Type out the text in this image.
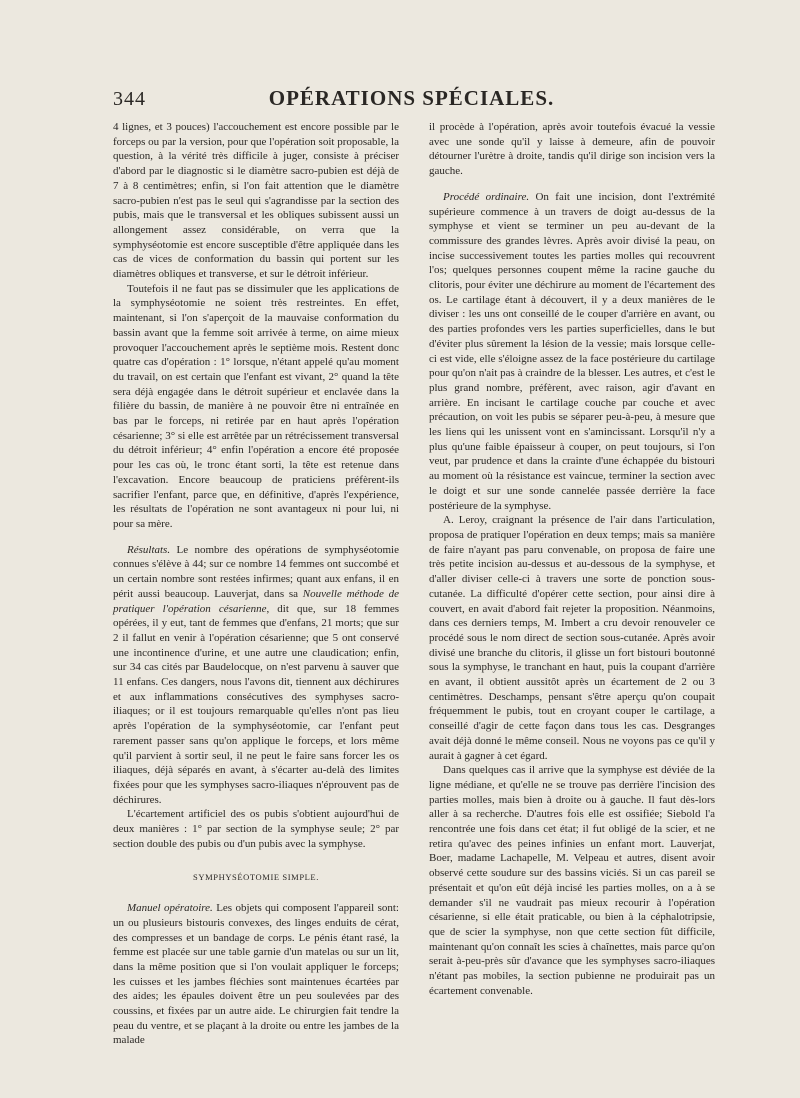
344	OPÉRATIONS SPÉCIALES.

4 lignes, et 3 pouces) l'accouchement est encore possible par le forceps ou par la version, pour que l'opération soit proposable, la question, à la vérité très difficile à juger, consiste à préciser d'abord par le diagnostic si le diamètre sacro-pubien est déjà de 7 à 8 centimètres; enfin, si l'on fait attention que le diamètre sacro-pubien n'est pas le seul qui s'agrandisse par la section des pubis, mais que le transversal et les obliques subissent aussi un allongement assez considérable, on verra que la symphyséotomie est encore susceptible d'être appliquée dans les cas de vices de conformation du bassin qui portent sur les diamètres obliques et transverse, et sur le détroit inférieur.

Toutefois il ne faut pas se dissimuler que les applications de la symphyséotomie ne soient très restreintes. En effet, maintenant, si l'on s'aperçoit de la mauvaise conformation du bassin avant que la femme soit arrivée à terme, on aime mieux provoquer l'accouchement après le septième mois. Restent donc quatre cas d'opération : 1° lorsque, n'étant appelé qu'au moment du travail, on est certain que l'enfant est vivant, 2° quand la tête sera déjà engagée dans le détroit supérieur et enclavée dans la filière du bassin, de manière à ne pouvoir être ni entraînée en bas par le forceps, ni retirée par en haut après l'opération césarienne; 3° si elle est arrêtée par un rétrécissement transversal du détroit inférieur; 4° enfin l'opération a encore été proposée pour les cas où, le tronc étant sorti, la tête est retenue dans l'excavation. Encore beaucoup de praticiens préfèrent-ils sacrifier l'enfant, parce que, en définitive, d'après l'expérience, les résultats de l'opération ne sont avantageux ni pour lui, ni pour sa mère.

Résultats. Le nombre des opérations de symphyséotomie connues s'élève à 44; sur ce nombre 14 femmes ont succombé et un certain nombre sont restées infirmes; quant aux enfans, il en périt aussi beaucoup. Lauverjat, dans sa Nouvelle méthode de pratiquer l'opération césarienne, dit que, sur 18 femmes opérées, il y eut, tant de femmes que d'enfans, 21 morts; que sur 2 il fallut en venir à l'opération césarienne; que 5 ont conservé une incontinence d'urine, et une autre une claudication; enfin, sur 34 cas cités par Baudelocque, on n'est parvenu à sauver que 11 enfans. Ces dangers, nous l'avons dit, tiennent aux déchirures et aux inflammations consécutives des symphyses sacro-iliaques; or il est toujours remarquable qu'elles n'ont pas lieu après l'opération de la symphyséotomie, car l'enfant peut rarement passer sans qu'on applique le forceps, et lors même qu'il parvient à sortir seul, il ne peut le faire sans forcer les os iliaques, déjà séparés en avant, à s'écarter au-delà des limites fixées pour que les symphyses sacro-iliaques n'éprouvent pas de déchirures.

L'écartement artificiel des os pubis s'obtient aujourd'hui de deux manières : 1° par section de la symphyse seule; 2° par section double des pubis ou d'un pubis avec la symphyse.

SYMPHYSÉOTOMIE SIMPLE.

Manuel opératoire. Les objets qui composent l'appareil sont: un ou plusieurs bistouris convexes, des linges enduits de cérat, des compresses et un bandage de corps. Le pénis étant rasé, la femme est placée sur une table garnie d'un matelas ou sur un lit, dans la même position que si l'on voulait appliquer le forceps; les cuisses et les jambes fléchies sont maintenues écartées par des aides; les épaules doivent être un peu soulevées par des coussins, et fixées par un autre aide. Le chirurgien fait tendre la peau du ventre, et se plaçant à la droite ou entre les jambes de la malade

il procède à l'opération, après avoir toutefois évacué la vessie avec une sonde qu'il y laisse à demeure, afin de pouvoir détourner l'urètre à droite, tandis qu'il dirige son incision vers la gauche.

Procédé ordinaire. On fait une incision, dont l'extrémité supérieure commence à un travers de doigt au-dessus de la symphyse et vient se terminer un peu au-devant de la commissure des grandes lèvres. Après avoir divisé la peau, on incise successivement toutes les parties molles qui recouvrent l'os; quelques personnes coupent même la racine gauche du clitoris, pour éviter une déchirure au moment de l'écartement des os. Le cartilage étant à découvert, il y a deux manières de le diviser : les uns ont conseillé de le couper d'arrière en avant, ou des parties profondes vers les parties superficielles, dans le but d'éviter plus sûrement la lésion de la vessie; mais lorsque celle-ci est vide, elle s'éloigne assez de la face postérieure du cartilage pour qu'on n'ait pas à craindre de la blesser. Les autres, et c'est le plus grand nombre, préfèrent, avec raison, agir d'avant en arrière. En incisant le cartilage couche par couche et avec précaution, on voit les pubis se séparer peu-à-peu, à mesure que les liens qui les unissent vont en s'amincissant. Lorsqu'il n'y a plus qu'une faible épaisseur à couper, on peut toujours, si l'on veut, par prudence et dans la crainte d'une échappée du bistouri au moment où la résistance est vaincue, terminer la section avec le doigt et sur une sonde cannelée passée derrière la face postérieure de la symphyse.

A. Leroy, craignant la présence de l'air dans l'articulation, proposa de pratiquer l'opération en deux temps; mais sa manière de faire n'ayant pas paru convenable, on proposa de faire une très petite incision au-dessus et au-dessous de la symphyse, et d'aller diviser celle-ci à travers une sorte de ponction sous-cutanée. La difficulté d'opérer cette section, pour ainsi dire à couvert, en avait d'abord fait rejeter la proposition. Néanmoins, dans ces derniers temps, M. Imbert a cru devoir renouveler ce procédé sous le nom direct de section sous-cutanée. Après avoir divisé une branche du clitoris, il glisse un fort bistouri boutonné sous la symphyse, le tranchant en haut, puis la coupant d'arrière en avant, il obtient aussitôt après un écartement de 2 ou 3 centimètres. Deschamps, pensant s'être aperçu qu'on coupait fréquemment le pubis, tout en croyant couper le cartilage, a conseillé d'agir de cette façon dans tous les cas. Desgranges avait déjà donné le même conseil. Nous ne voyons pas ce qu'il y aurait à gagner à cet égard.

Dans quelques cas il arrive que la symphyse est déviée de la ligne médiane, et qu'elle ne se trouve pas derrière l'incision des parties molles, mais bien à droite ou à gauche. Il faut dès-lors aller à sa recherche. D'autres fois elle est ossifiée; Siebold l'a rencontrée une fois dans cet état; il fut obligé de la scier, et ne retira qu'avec des peines infinies un enfant mort. Lauverjat, Boer, madame Lachapelle, M. Velpeau et autres, disent avoir observé cette soudure sur des bassins viciés. Si un cas pareil se présentait et qu'on eût déjà incisé les parties molles, on a à se demander s'il ne vaudrait pas mieux recourir à l'opération césarienne, si elle était praticable, ou bien à la céphalotripsie, que de scier la symphyse, non que cette section fût difficile, maintenant qu'on connaît les scies à chaînettes, mais parce qu'on serait à-peu-près sûr d'avance que les symphyses sacro-iliaques n'étant pas mobiles, la section pubienne ne produirait pas un écartement convenable.
